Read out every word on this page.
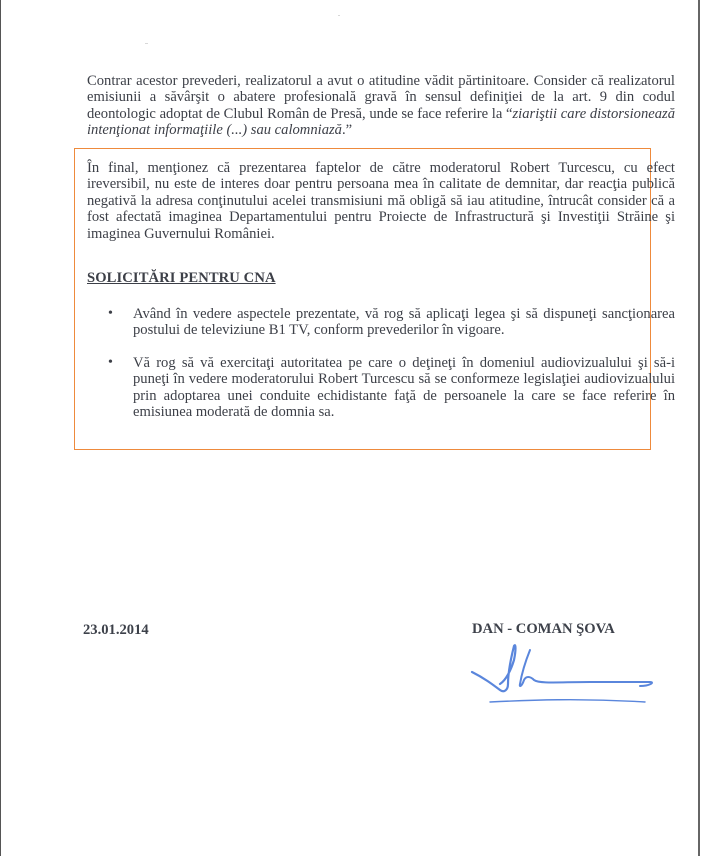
Contrar acestor prevederi, realizatorul a avut o atitudine vădit părtinitoare. Consider că realizatorul emisiunii a săvârşit o abatere profesională gravă în sensul definiţiei de la art. 9 din codul deontologic adoptat de Clubul Român de Presă, unde se face referire la “ziariştii care distorsionează intenţionat informaţiile (...) sau calomniază.”

În final, menţionez că prezentarea faptelor de către moderatorul Robert Turcescu, cu efect ireversibil, nu este de interes doar pentru persoana mea în calitate de demnitar, dar reacţia publică negativă la adresa conţinutului acelei transmisiuni mă obligă să iau atitudine, întrucât consider că a fost afectată imaginea Departamentului pentru Proiecte de Infrastructură şi Investiţii Străine şi imaginea Guvernului României.

SOLICITĂRI PENTRU CNA
• Având în vedere aspectele prezentate, vă rog să aplicaţi legea şi să dispuneţi sancţionarea postului de televiziune B1 TV, conform prevederilor în vigoare.

• Vă rog să vă exercitaţi autoritatea pe care o deţineţi în domeniul audiovizualului şi să-i puneţi în vedere moderatorului Robert Turcescu să se conformeze legislaţiei audiovizualului prin adoptarea unei conduite echidistante faţă de persoanele la care se face referire în emisiunea moderată de domnia sa.

23.01.2014	DAN - COMAN ŞOVA
